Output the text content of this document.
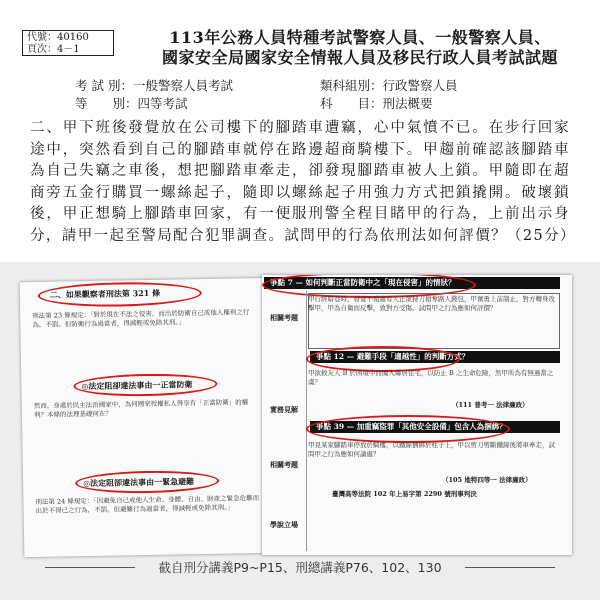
代號：40160
頁次：4－1
113年公務人員特種考試警察人員、一般警察人員、
國家安全局國家安全情報人員及移民行政人員考試試題
考 試 別：一般警察人員考試
等　　別：四等考試
類科組別：行政警察人員
科　　目：刑法概要
二、甲下班後發覺放在公司樓下的腳踏車遭竊，心中氣憤不已。在步行回家途中，突然看到自己的腳踏車就停在路邊超商騎樓下。甲趨前確認該腳踏車為自己失竊之車後，想把腳踏車牽走，卻發現腳踏車被人上鎖。甲隨即在超商旁五金行購買一螺絲起子，隨即以螺絲起子用強力方式把鎖撬開。破壞鎖後，甲正想騎上腳踏車回家，有一便服刑警全程目睹甲的行為，上前出示身分，請甲一起至警局配合犯罪調查。試問甲的行為依刑法如何評價？（25分）
二、如果觀察者刑法第 321 條
刑法第 23 條規定：「對於現在不法之侵害，而出於防衛自己或他人權利之行為，不罰。但防衛行為過當者，得減輕或免除其刑。」
◎法定阻卻違法事由一正當防衛
然而，身處於民主法治國家中，為何國家授權私人得享有「正當防衛」的權利？本條的法理基礎何在？
◎法定阻卻違法事由一緊急避難
刑法第 24 條規定：「因避免自己或他人生命、身體、自由、財產之緊急危難而出於不得已之行為，不罰。但避難行為過當者，得減輕或免除其刑。」
爭點 7 — 如何判斷正當防衛中之「現在侵害」的情狀？
相關考題
甲行經暗巷時，發覺不遠處有人正欲持刀搶奪路人錢包，甲奮勇上前制止，對方轉身攻擊甲，甲為自衛而反擊，致對方受傷。試問甲之行為應如何評價？
爭點 12 — 避難手段「適越性」的判斷方式？
實務見解
甲欲救友人 B 於困境中而闖入鄰居住宅，以防止 B 之生命危險，然甲所為有無過當之虞？
（111 普考一 法律廉政）
爭點 39 — 加重竊盜罪「其他安全設備」包含人為捆綁？
相關考題
學說立場
甲見某家腳踏車停放於騎樓，以鐵線捆綁於柱子上，甲以剪刀剪斷鐵線後將車牽走，試問甲之行為應如何論處？
（105 地特四等一 法律廉政）
臺灣高等法院 102 年上易字第 2290 號刑事判決
截自刑分講義P9~P15、刑總講義P76、102、130
